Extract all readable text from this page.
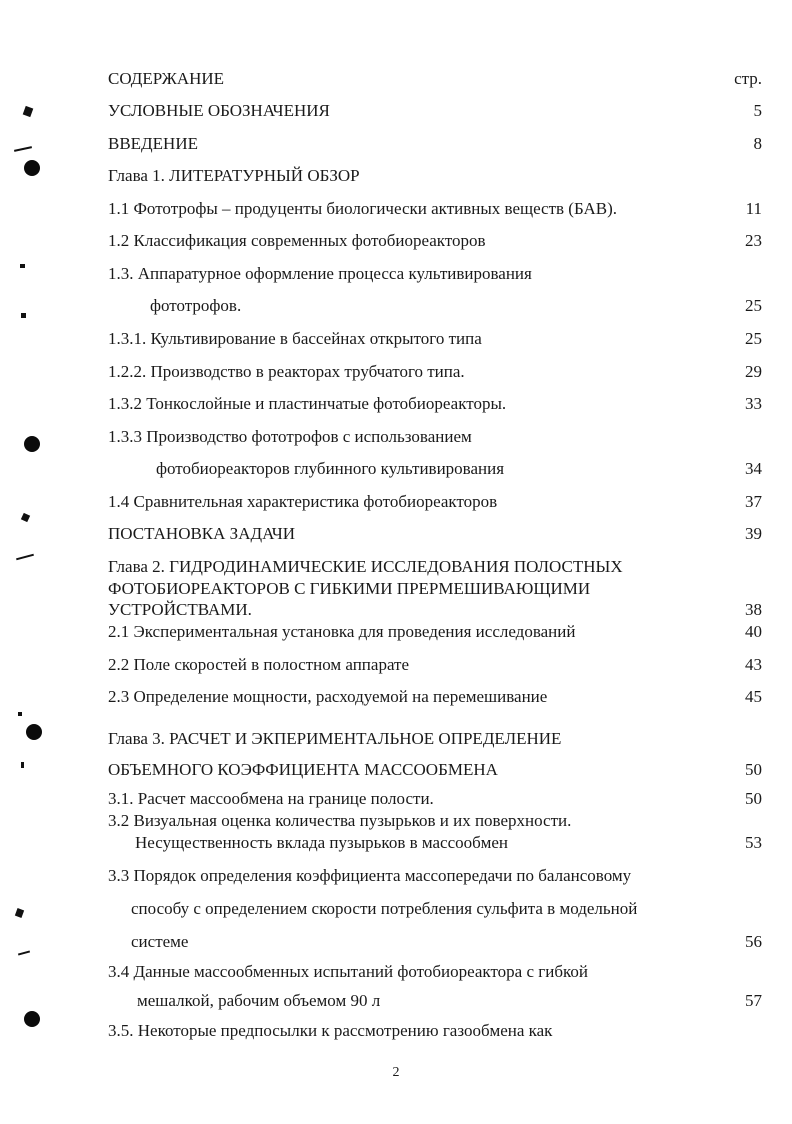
СОДЕРЖАНИЕ	стр.
УСЛОВНЫЕ ОБОЗНАЧЕНИЯ	5
ВВЕДЕНИЕ	8
Глава 1. ЛИТЕРАТУРНЫЙ ОБЗОР
1.1 Фототрофы – продуценты биологически активных веществ (БАВ).	11
1.2 Классификация современных фотобиореакторов	23
1.3. Аппаратурное оформление процесса культивирования
фототрофов.	25
1.3.1. Культивирование в бассейнах открытого типа	25
1.2.2. Производство в реакторах трубчатого типа.	29
1.3.2 Тонкослойные и пластинчатые фотобиореакторы.	33
1.3.3 Производство фототрофов с использованием
фотобиореакторов глубинного культивирования	34
1.4 Сравнительная характеристика фотобиореакторов	37
ПОСТАНОВКА ЗАДАЧИ	39
Глава 2. ГИДРОДИНАМИЧЕСКИЕ ИССЛЕДОВАНИЯ ПОЛОСТНЫХ
ФОТОБИОРЕАКТОРОВ С ГИБКИМИ ПРЕРМЕШИВАЮЩИМИ
УСТРОЙСТВАМИ.	38
2.1 Экспериментальная установка для проведения исследований	40
2.2 Поле скоростей в полостном аппарате	43
2.3 Определение мощности, расходуемой на перемешивание	45
Глава 3. РАСЧЕТ И ЭКПЕРИМЕНТАЛЬНОЕ ОПРЕДЕЛЕНИЕ
ОБЪЕМНОГО КОЭФФИЦИЕНТА МАССООБМЕНА	50
3.1. Расчет массообмена на границе полости.	50
3.2 Визуальная оценка количества пузырьков и их поверхности.
Несущественность вклада пузырьков в массообмен	53
3.3 Порядок определения коэффициента массопередачи по балансовому
способу с определением скорости потребления сульфита в модельной
системе	56
3.4 Данные массообменных испытаний фотобиореактора с гибкой
мешалкой, рабочим объемом 90 л	57
3.5. Некоторые предпосылки к рассмотрению газообмена как
2
